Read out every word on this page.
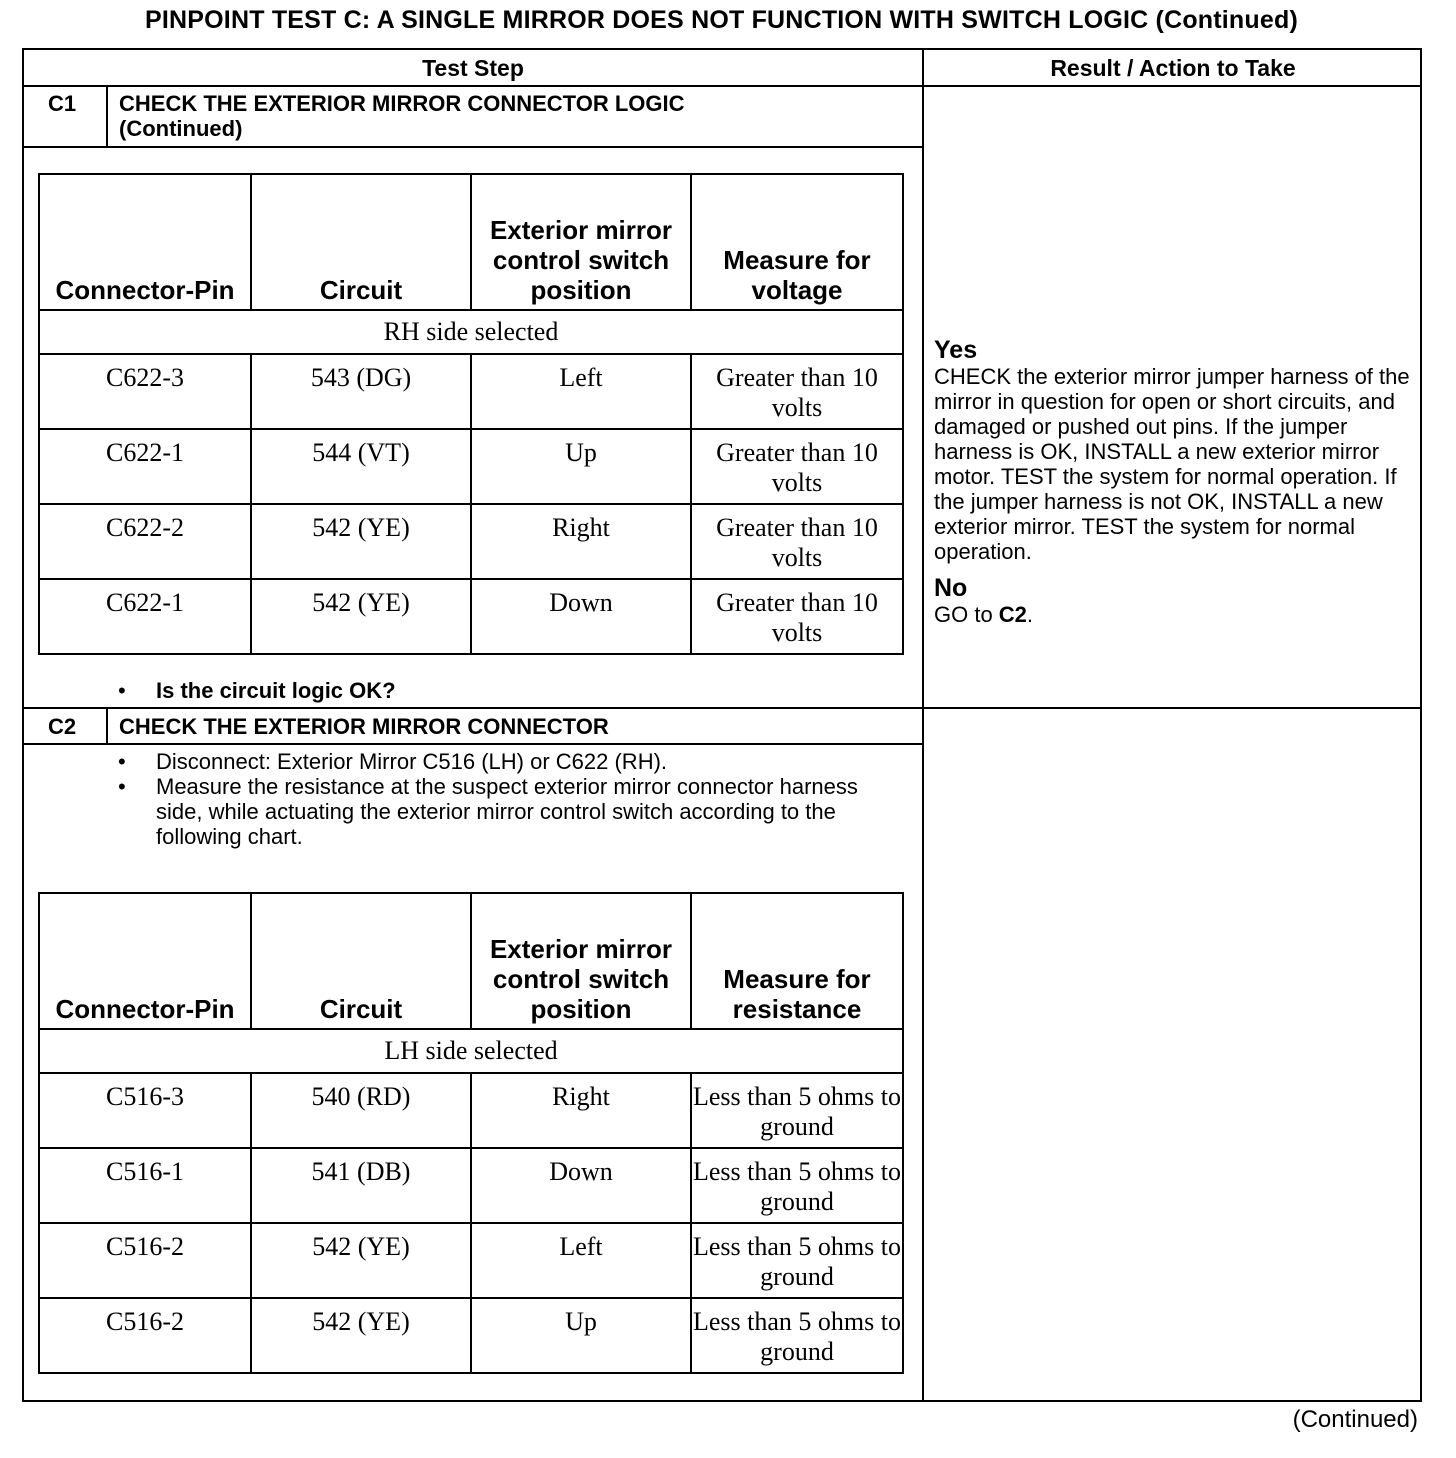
PINPOINT TEST C: A SINGLE MIRROR DOES NOT FUNCTION WITH SWITCH LOGIC (Continued)
Test Step	Result / Action to Take
C1 CHECK THE EXTERIOR MIRROR CONNECTOR LOGIC
(Continued)
• Is the circuit logic OK?
C2 CHECK THE EXTERIOR MIRROR CONNECTOR
• Disconnect: Exterior Mirror C516 (LH) or C622 (RH).
• Measure the resistance at the suspect exterior mirror connector harness side, while actuating the exterior mirror control switch according to the following chart.
Connector-Pin	Circuit	Exterior mirror control switch position	Measure for voltage
RH side selected			
C622-3	543 (DG)	Left	Greater than 10 volts
C622-1	544 (VT)	Up	Greater than 10 volts
C622-2	542 (YE)	Right	Greater than 10 volts
C622-1	542 (YE)	Down	Greater than 10 volts
Connector-Pin	Circuit	Exterior mirror control switch position	Measure for resistance
LH side selected			
C516-3	540 (RD)	Right	Less than 5 ohms to ground
C516-1	541 (DB)	Down	Less than 5 ohms to ground
C516-2	542 (YE)	Left	Less than 5 ohms to ground
C516-2	542 (YE)	Up	Less than 5 ohms to ground
Yes
CHECK the exterior mirror jumper harness of the mirror in question for open or short circuits, and damaged or pushed out pins. If the jumper harness is OK, INSTALL a new exterior mirror motor. TEST the system for normal operation. If the jumper harness is not OK, INSTALL a new exterior mirror. TEST the system for normal operation.
No
GO to C2.
(Continued)
